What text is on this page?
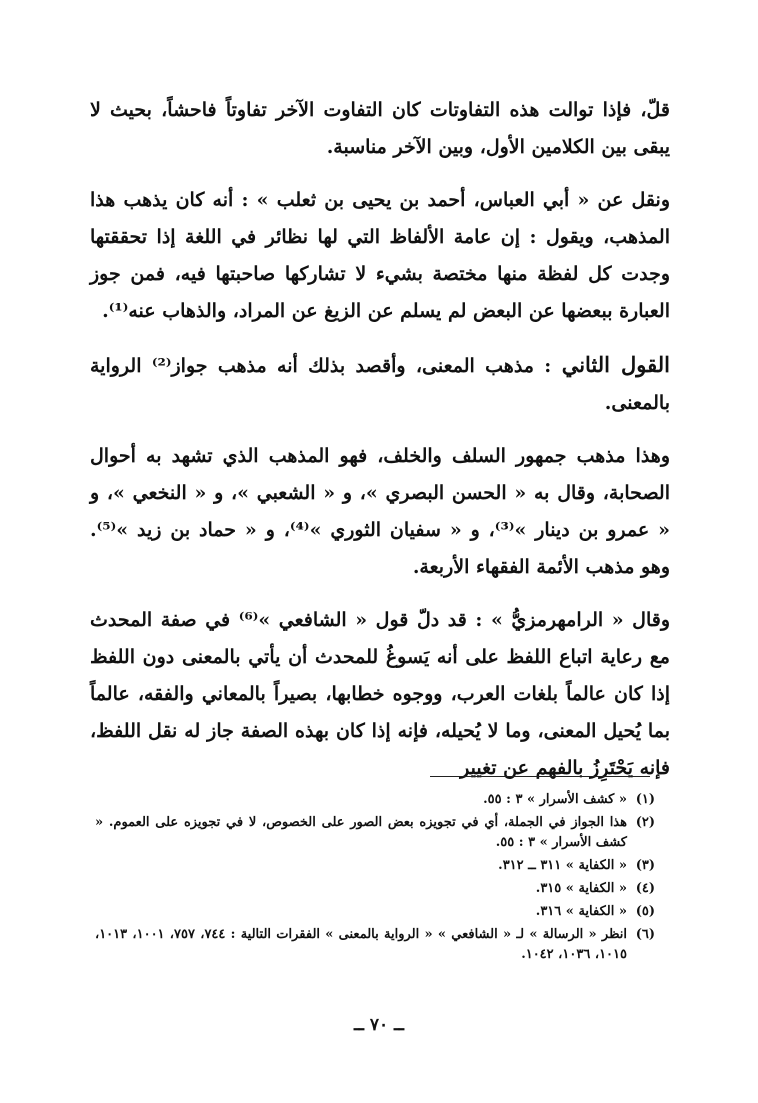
قلّ، فإذا توالت هذه التفاوتات كان التفاوت الآخر تفاوتاً فاحشاً، بحيث لا يبقى بين الكلامين الأول، وبين الآخر مناسبة.

ونقل عن « أبي العباس، أحمد بن يحيى بن ثعلب » : أنه كان يذهب هذا المذهب، ويقول : إن عامة الألفاظ التي لها نظائر في اللغة إذا تحققتها وجدت كل لفظة منها مختصة بشيء لا تشاركها صاحبتها فيه، فمن جوز العبارة ببعضها عن البعض لم يسلم عن الزيغ عن المراد، والذهاب عنه⁽¹⁾.

القول الثاني : مذهب المعنى، وأقصد بذلك أنه مذهب جواز⁽²⁾ الرواية بالمعنى.

وهذا مذهب جمهور السلف والخلف، فهو المذهب الذي تشهد به أحوال الصحابة، وقال به « الحسن البصري »، و « الشعبي »، و « النخعي »، و « عمرو بن دينار »⁽³⁾، و « سفيان الثوري »⁽⁴⁾، و « حماد بن زيد »⁽⁵⁾. وهو مذهب الأئمة الفقهاء الأربعة.

وقال « الرامهرمزيُّ » : قد دلّ قول « الشافعي »⁽⁶⁾ في صفة المحدث مع رعاية اتباع اللفظ على أنه يَسوغُ للمحدث أن يأتي بالمعنى دون اللفظ إذا كان عالماً بلغات العرب، ووجوه خطابها، بصيراً بالمعاني والفقه، عالماً بما يُحيل المعنى، وما لا يُحيله، فإنه إذا كان بهذه الصفة جاز له نقل اللفظ، فإنه يَحْتَرِزُ بالفهم عن تغيير

(١)
« كشف الأسرار » ٣ : ٥٥.
(٢)
هذا الجواز في الجملة، أي في تجويزه بعض الصور على الخصوص، لا في تجويزه على العموم. « كشف الأسرار » ٣ : ٥٥.
(٣)
« الكفاية » ٣١١ ــ ٣١٢.
(٤)
« الكفاية » ٣١٥.
(٥)
« الكفاية » ٣١٦.
(٦)
انظر « الرسالة » لـ « الشافعي » « الرواية بالمعنى » الفقرات التالية : ٧٤٤، ٧٥٧، ١٠٠١، ١٠١٣، ١٠١٥، ١٠٣٦، ١٠٤٢.
ــ ٧٠ ــ
